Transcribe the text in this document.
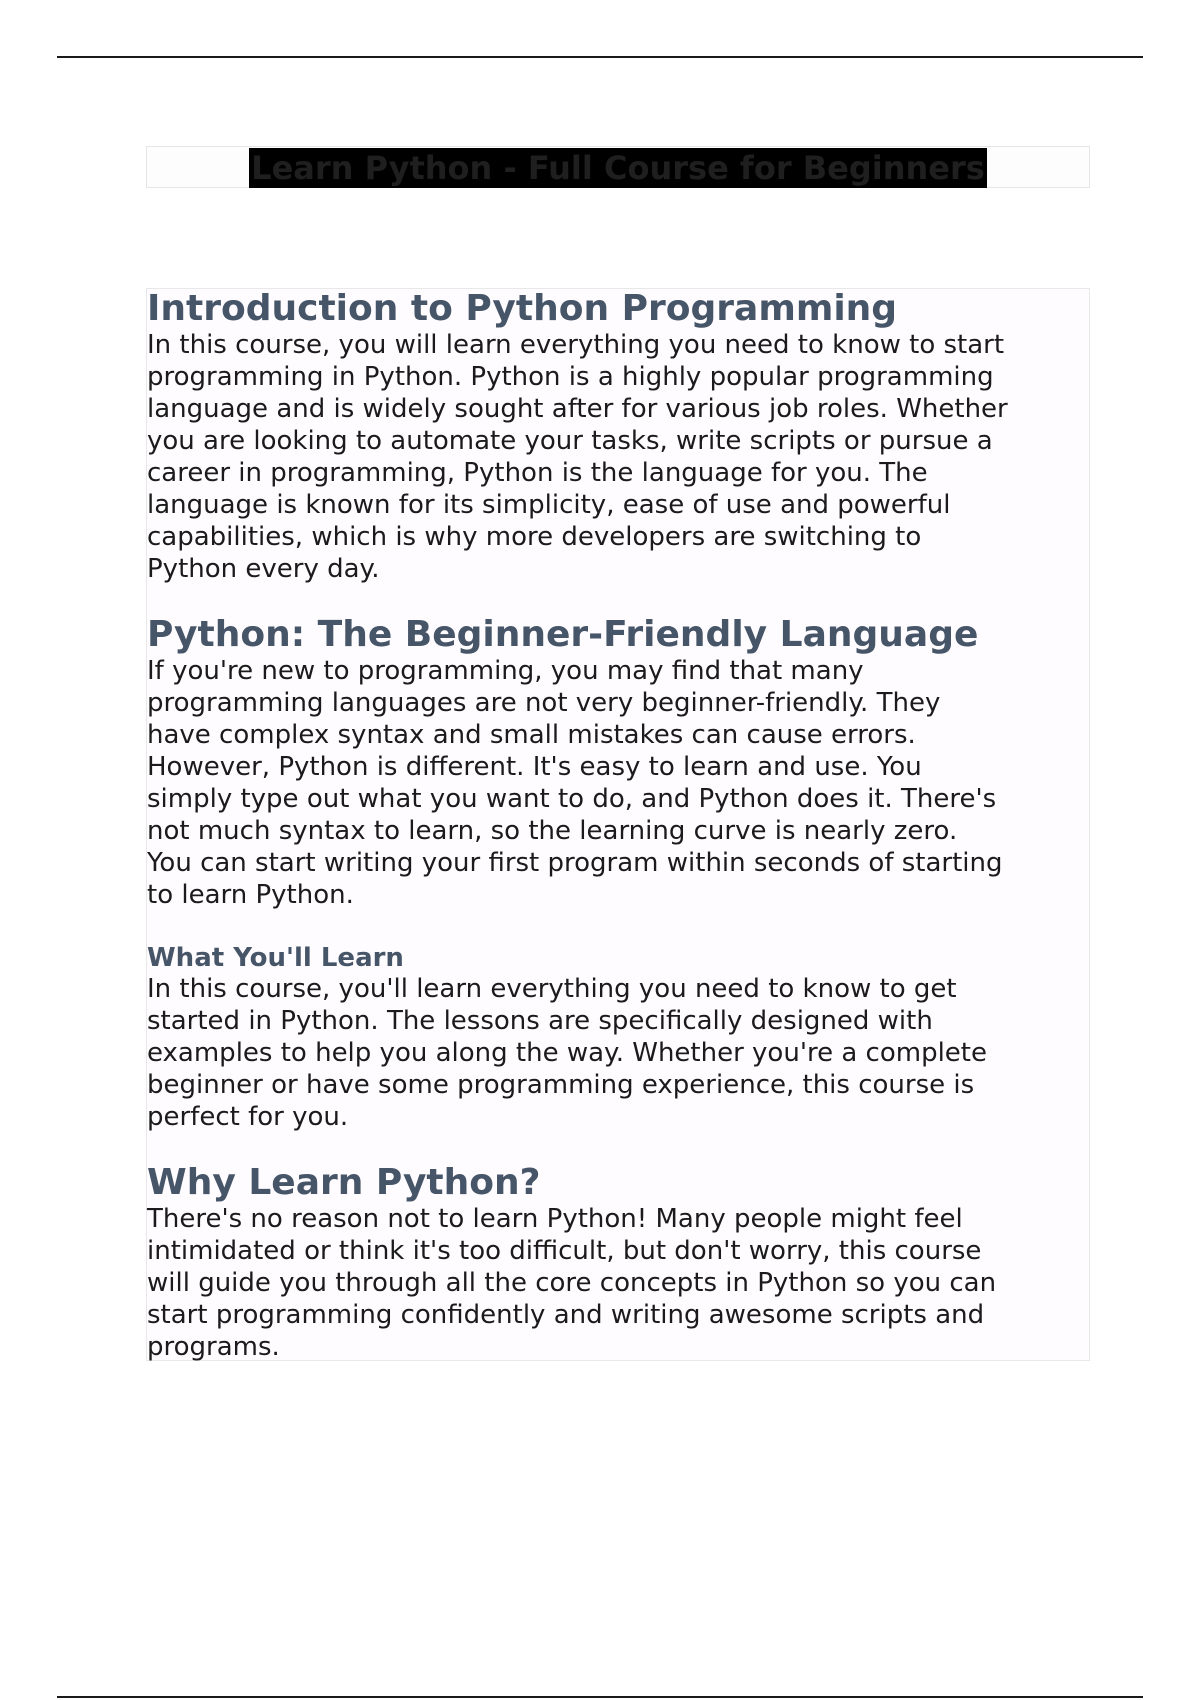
Learn Python - Full Course for Beginners
Introduction to Python Programming

In this course, you will learn everything you need to know to start
programming in Python. Python is a highly popular programming
language and is widely sought after for various job roles. Whether
you are looking to automate your tasks, write scripts or pursue a
career in programming, Python is the language for you. The
language is known for its simplicity, ease of use and powerful
capabilities, which is why more developers are switching to
Python every day.

Python: The Beginner-Friendly Language

If you're new to programming, you may find that many
programming languages are not very beginner-friendly. They
have complex syntax and small mistakes can cause errors.
However, Python is different. It's easy to learn and use. You
simply type out what you want to do, and Python does it. There's
not much syntax to learn, so the learning curve is nearly zero.
You can start writing your first program within seconds of starting
to learn Python.

What You'll Learn

In this course, you'll learn everything you need to know to get
started in Python. The lessons are specifically designed with
examples to help you along the way. Whether you're a complete
beginner or have some programming experience, this course is
perfect for you.

Why Learn Python?

There's no reason not to learn Python! Many people might feel
intimidated or think it's too difficult, but don't worry, this course
will guide you through all the core concepts in Python so you can
start programming confidently and writing awesome scripts and
programs.
